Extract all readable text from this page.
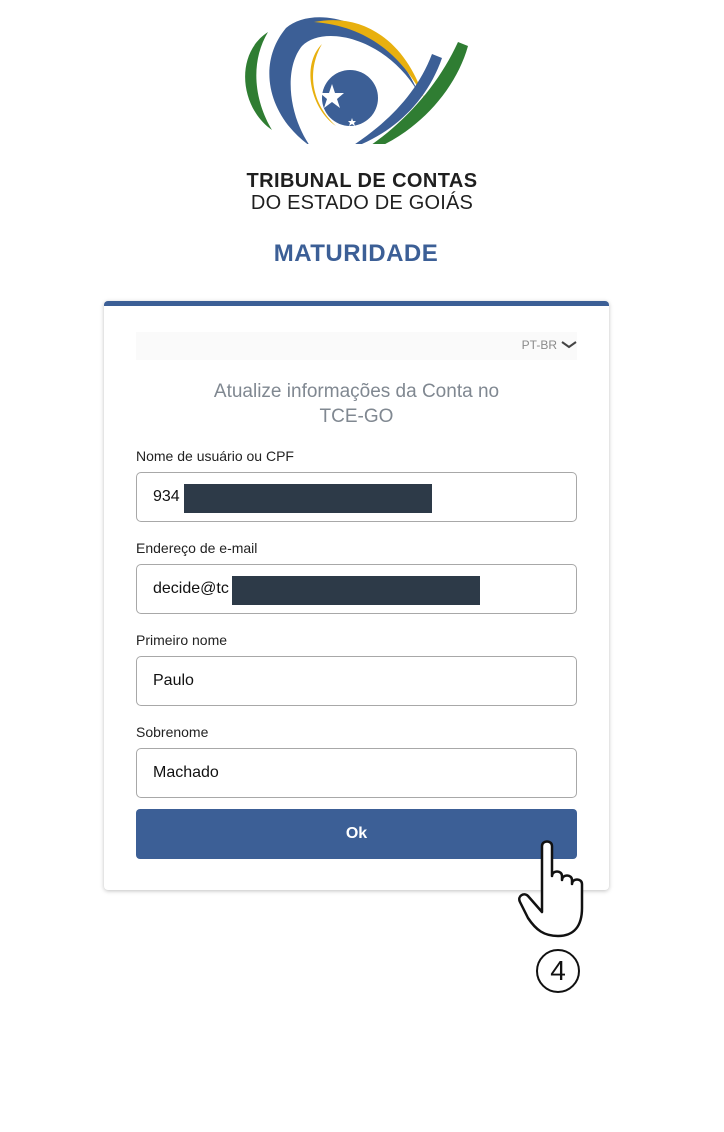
TRIBUNAL DE CONTAS
DO ESTADO DE GOIÁS
MATURIDADE
PT-BR
Atualize informações da Conta no
TCE-GO
Nome de usuário ou CPF
934
Endereço de e-mail
decide@tc
Primeiro nome
Paulo
Sobrenome
Machado
Ok
4
